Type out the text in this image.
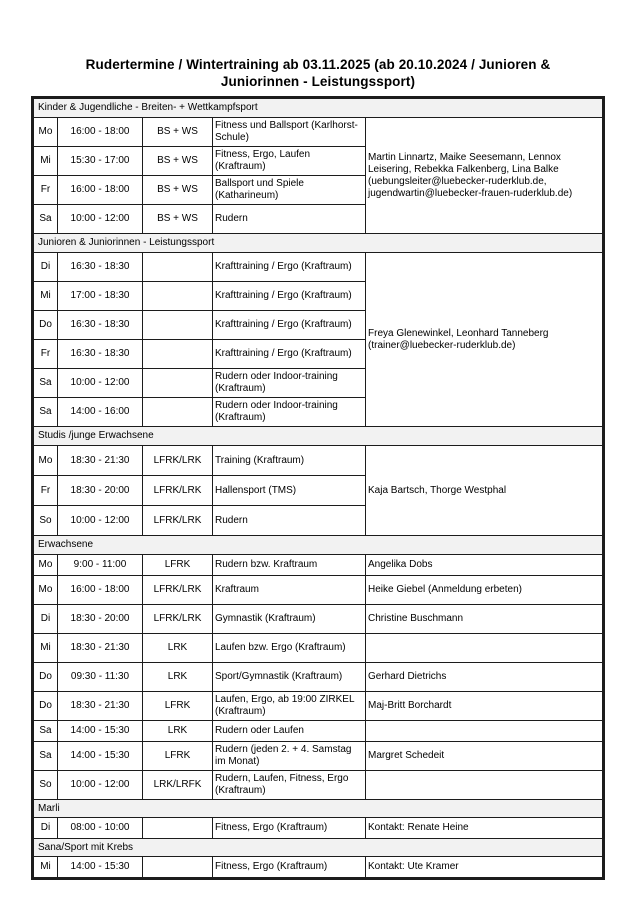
Rudertermine / Wintertraining ab 03.11.2025 (ab 20.10.2024 / Junioren &
Juniorinnen - Leistungssport)
Kinder & Jugendliche - Breiten- + Wettkampfsport				
Mo	16:00 - 18:00	BS + WS	Fitness und Ballsport (Karlhorst-Schule)	Martin Linnartz, Maike Seesemann, Lennox Leisering, Rebekka Falkenberg, Lina Balke (uebungsleiter@luebecker-ruderklub.de, jugendwartin@luebecker-frauen-ruderklub.de)
Mi	15:30 - 17:00	BS + WS	Fitness, Ergo, Laufen (Kraftraum)	
Fr	16:00 - 18:00	BS + WS	Ballsport und Spiele (Katharineum)	
Sa	10:00 - 12:00	BS + WS	Rudern	
Junioren & Juniorinnen - Leistungssport				
Di	16:30 - 18:30		Krafttraining / Ergo (Kraftraum)	Freya Glenewinkel, Leonhard Tanneberg (trainer@luebecker-ruderklub.de)
Mi	17:00 - 18:30		Krafttraining / Ergo (Kraftraum)	
Do	16:30 - 18:30		Krafttraining / Ergo (Kraftraum)	
Fr	16:30 - 18:30		Krafttraining / Ergo (Kraftraum)	
Sa	10:00 - 12:00		Rudern oder Indoor-training (Kraftraum)	
Sa	14:00 - 16:00		Rudern oder Indoor-training (Kraftraum)	
Studis /junge Erwachsene				
Mo	18:30 - 21:30	LFRK/LRK	Training (Kraftraum)	Kaja Bartsch, Thorge Westphal
Fr	18:30 - 20:00	LFRK/LRK	Hallensport (TMS)	
So	10:00 - 12:00	LFRK/LRK	Rudern	
Erwachsene				
Mo	9:00 - 11:00	LFRK	Rudern bzw. Kraftraum	Angelika Dobs
Mo	16:00 - 18:00	LFRK/LRK	Kraftraum	Heike Giebel (Anmeldung erbeten)
Di	18:30 - 20:00	LFRK/LRK	Gymnastik (Kraftraum)	Christine Buschmann
Mi	18:30 - 21:30	LRK	Laufen bzw. Ergo (Kraftraum)	
Do	09:30 - 11:30	LRK	Sport/Gymnastik (Kraftraum)	Gerhard Dietrichs
Do	18:30 - 21:30	LFRK	Laufen, Ergo, ab 19:00 ZIRKEL (Kraftraum)	Maj-Britt Borchardt
Sa	14:00 - 15:30	LRK	Rudern oder Laufen	
Sa	14:00 - 15:30	LFRK	Rudern (jeden 2. + 4. Samstag im Monat)	Margret Schedeit
So	10:00 - 12:00	LRK/LRFK	Rudern, Laufen, Fitness, Ergo (Kraftraum)	
Marli				
Di	08:00 - 10:00		Fitness, Ergo (Kraftraum)	Kontakt: Renate Heine
Sana/Sport mit Krebs				
Mi	14:00 - 15:30		Fitness, Ergo (Kraftraum)	Kontakt: Ute Kramer
